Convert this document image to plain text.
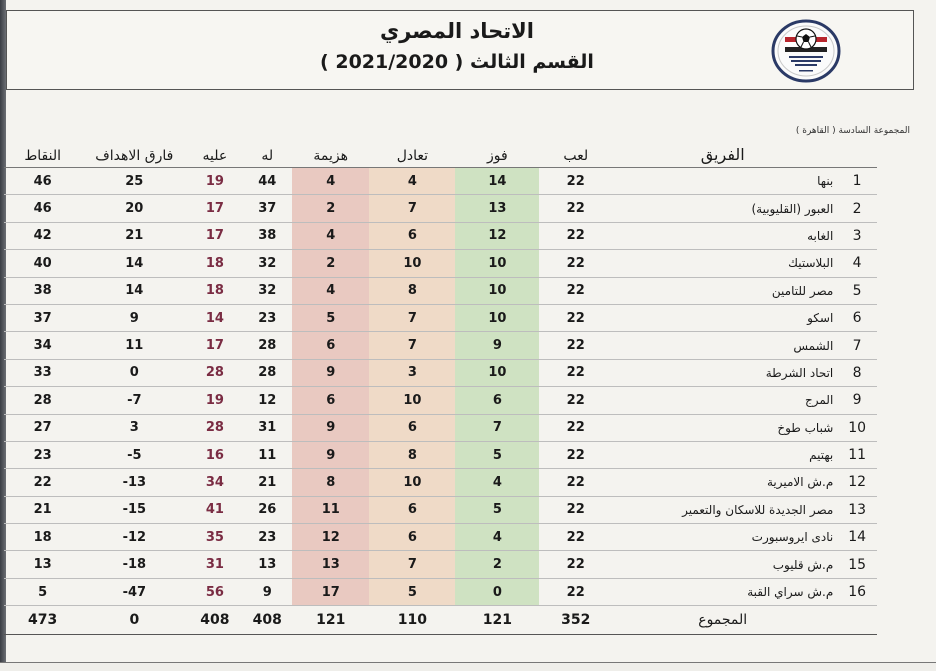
الاتحاد المصري
القسم الثالث ( 2021/2020 )
المجموعة السادسة ( القاهرة )
	الفريق	لعب	فوز	تعادل	هزيمة	له	عليه	فارق الاهداف	النقاط
1	بنها	22	14	4	4	44	19	25	46
2	العبور (القليوبية)	22	13	7	2	37	17	20	46
3	الغابه	22	12	6	4	38	17	21	42
4	البلاستيك	22	10	10	2	32	18	14	40
5	مصر للتامين	22	10	8	4	32	18	14	38
6	اسكو	22	10	7	5	23	14	9	37
7	الشمس	22	9	7	6	28	17	11	34
8	اتحاد الشرطة	22	10	3	9	28	28	0	33
9	المرج	22	6	10	6	12	19	7-	28
10	شباب طوخ	22	7	6	9	31	28	3	27
11	بهتيم	22	5	8	9	11	16	5-	23
12	م.ش الاميرية	22	4	10	8	21	34	13-	22
13	مصر الجديدة للاسكان والتعمير	22	5	6	11	26	41	15-	21
14	نادى ايروسبورت	22	4	6	12	23	35	12-	18
15	م.ش قليوب	22	2	7	13	13	31	18-	13
16	م.ش سراي القبة	22	0	5	17	9	56	47-	5
	المجموع	352	121	110	121	408	408	0	473
